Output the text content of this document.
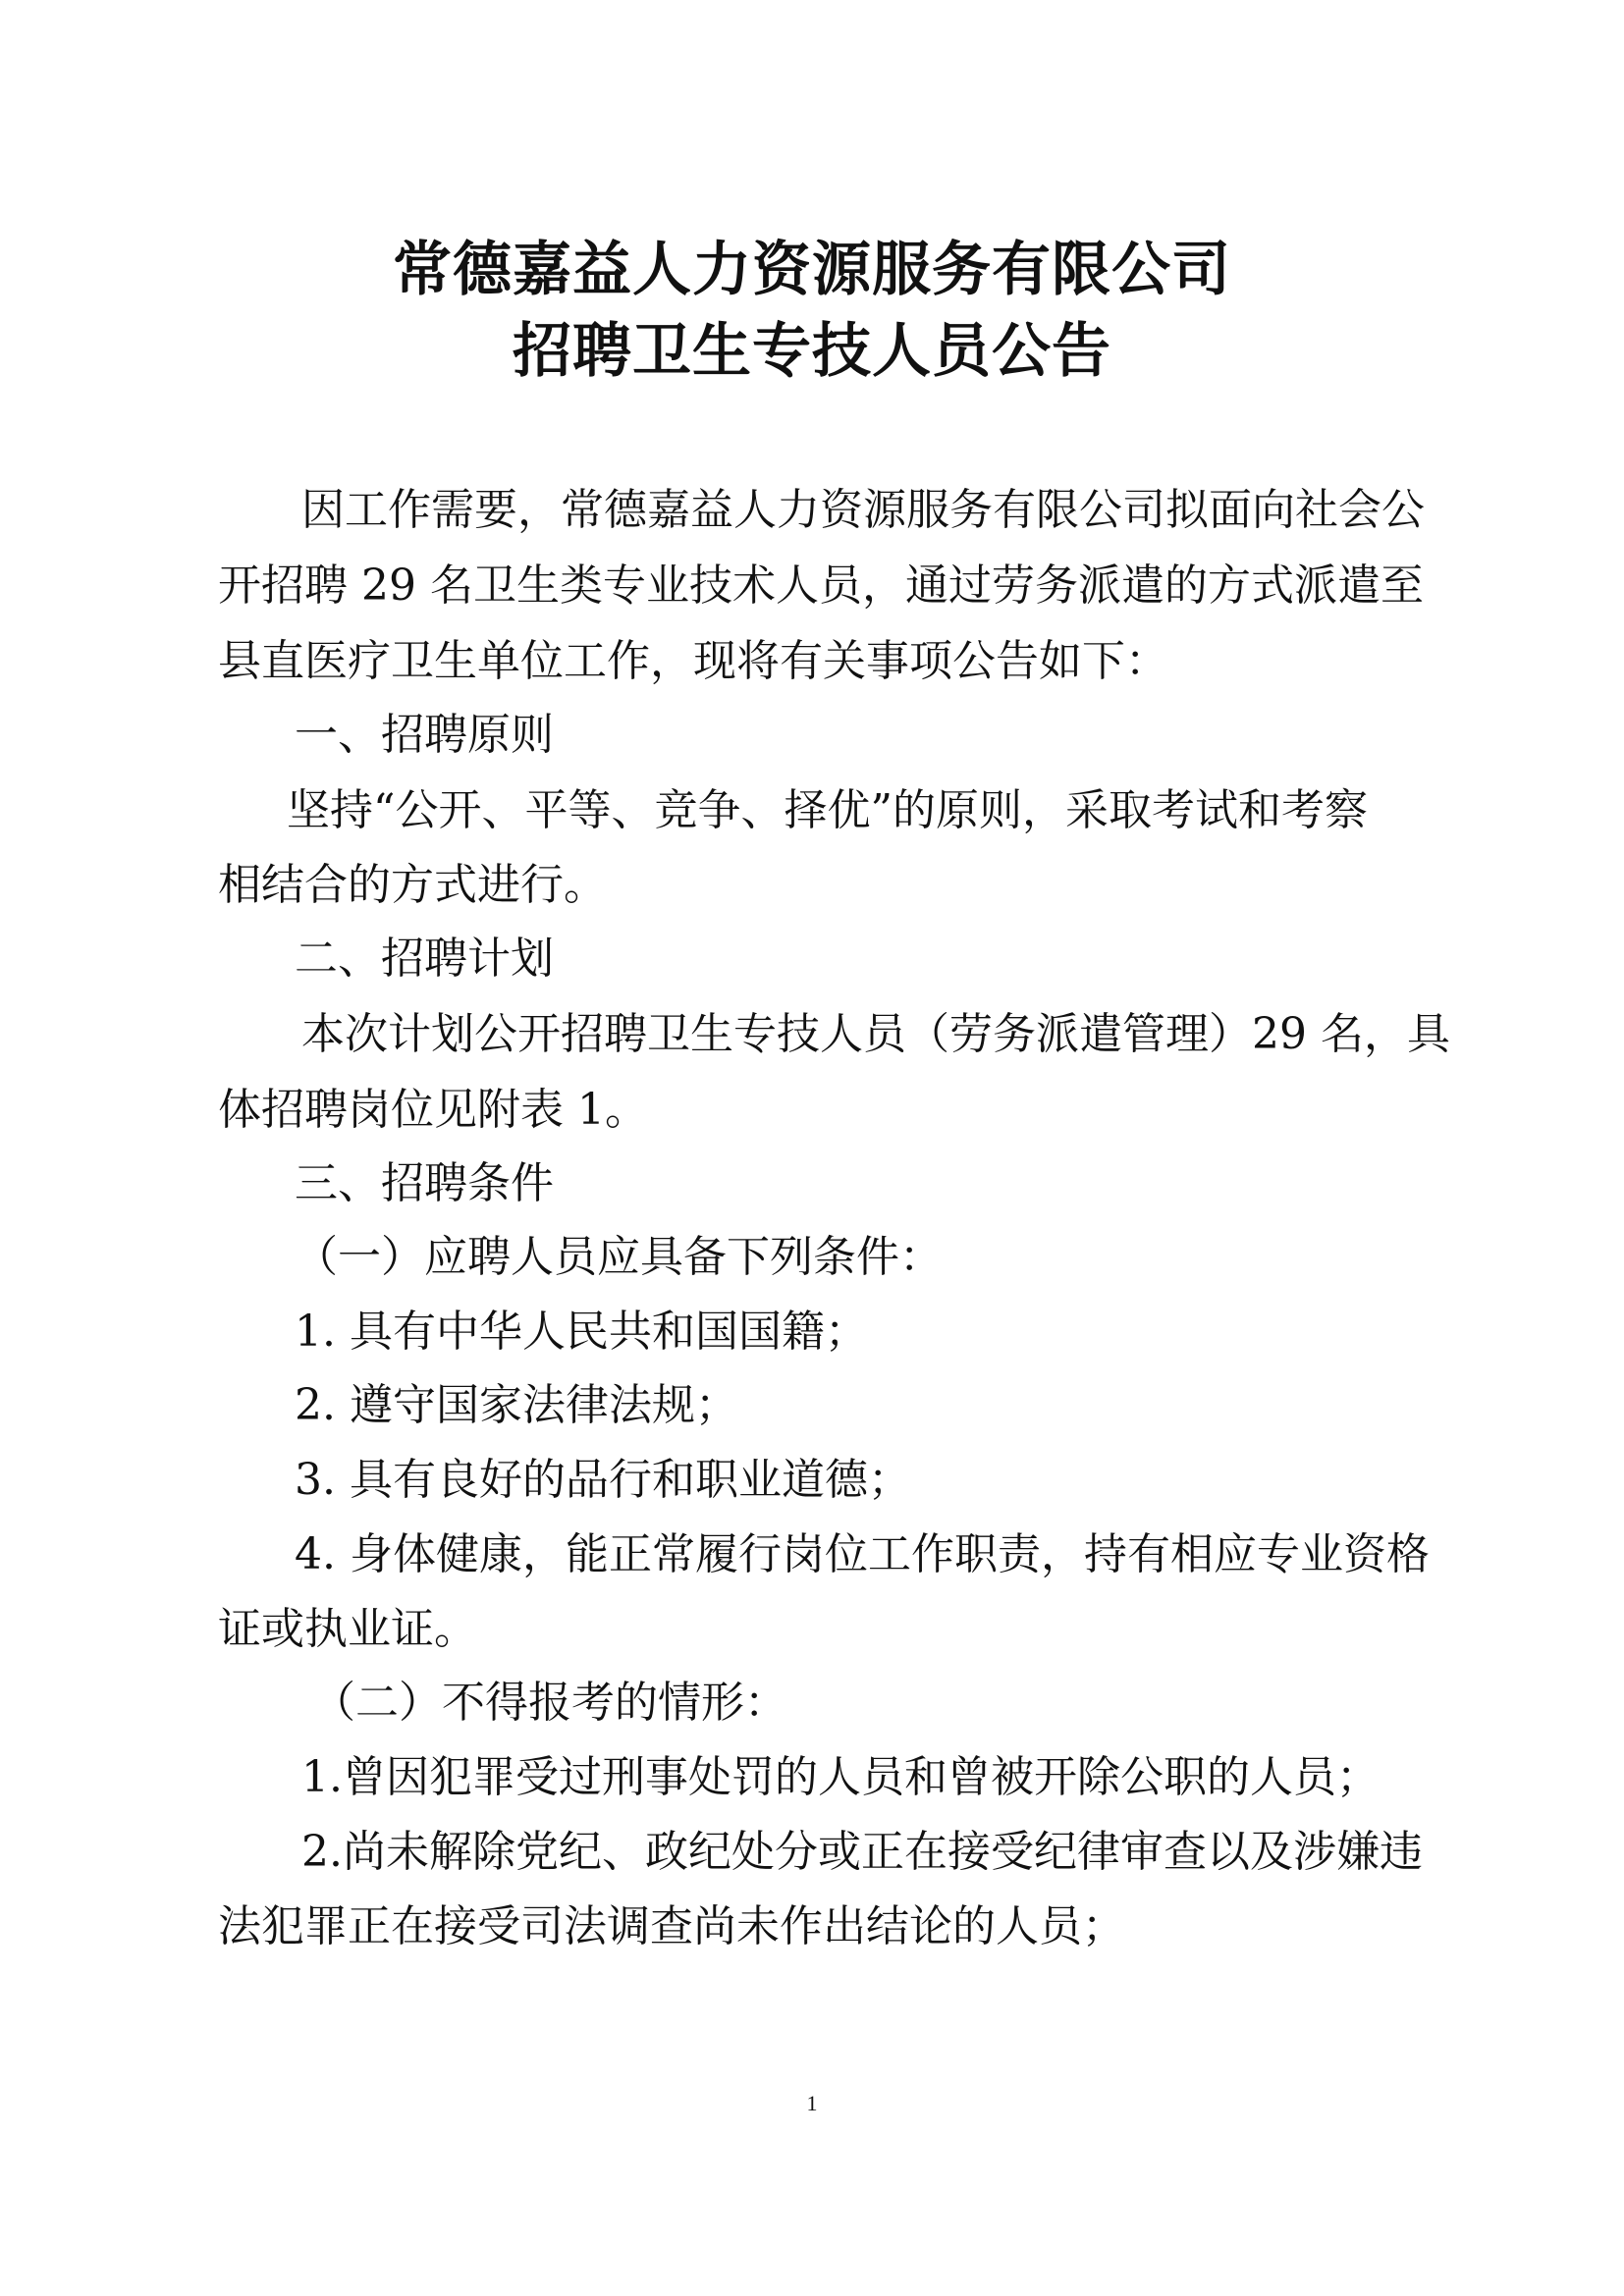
常德嘉益人力资源服务有限公司
招聘卫生专技人员公告
因工作需要，常德嘉益人力资源服务有限公司拟面向社会公
开招聘 29 名卫生类专业技术人员，通过劳务派遣的方式派遣至
县直医疗卫生单位工作，现将有关事项公告如下：
一、招聘原则
坚持“公开、平等、竞争、择优”的原则，采取考试和考察
相结合的方式进行。
二、招聘计划
本次计划公开招聘卫生专技人员（劳务派遣管理）29 名，具
体招聘岗位见附表 1。
三、招聘条件
（一）应聘人员应具备下列条件：
1. 具有中华人民共和国国籍；
2. 遵守国家法律法规；
3. 具有良好的品行和职业道德；
4. 身体健康，能正常履行岗位工作职责，持有相应专业资格
证或执业证。
（二）不得报考的情形：
1.曾因犯罪受过刑事处罚的人员和曾被开除公职的人员；
2.尚未解除党纪、政纪处分或正在接受纪律审查以及涉嫌违
法犯罪正在接受司法调查尚未作出结论的人员；
1
